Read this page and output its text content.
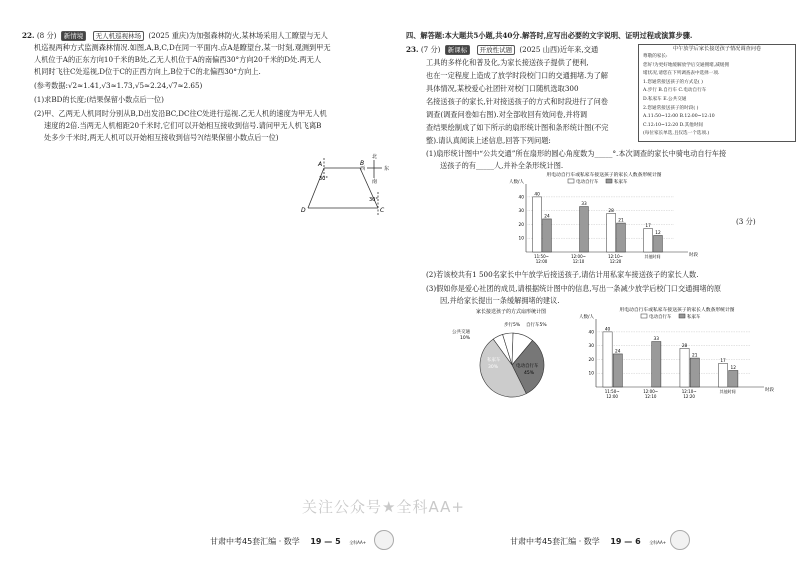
22. (8 分) 新情境 无人机巡视林场 (2025 重庆)为加强森林防火,某林场采用人工瞭望与无人
机巡视两种方式监测森林情况.如图,A,B,C,D在同一平面内.点A是瞭望台,某一时刻,观测到甲无
人机位于A的正东方向10千米的B处,乙无人机位于A的南偏西30°方向20千米的D处.两无人
机同时飞往C处巡视,D位于C的正西方向上,B位于C的北偏西30°方向上.
(参考数据:√2≈1.41,√3≈1.73,√5≈2.24,√7≈2.65)
(1)求BD的长度;(结果保留小数点后一位)
(2)甲、乙两无人机同时分别从B,D出发沿BC,DC往C处进行巡视.乙无人机的速度为甲无人机
速度的2倍.当两无人机相距20千米时,它们可以开始相互接收到信号.请问甲无人机飞离B
处多少千米时,两无人机可以开始相互接收到信号?(结果保留小数点后一位)
北
东
南
西
A	B
C
D
30°
30°
甘肃中考45套汇编 · 数学 19 — 5 全科AA+
四、解答题:本大题共5小题,共40分.解答时,应写出必要的文字说明、证明过程或演算步骤.
23. (7 分) 新课标 开放性试题 (2025 山西)近年来,交通
工具的多样化和普及化,为家长接送孩子提供了便利,
也在一定程度上造成了放学时段校门口的交通拥堵.为了解
具体情况,某校爱心社团针对校门口随机选取300
名接送孩子的家长,针对接送孩子的方式和时段进行了问卷
调查(调查问卷如右图).对全部收回有效问卷,并将调
查结果绘制成了如下所示的扇形统计图和条形统计图(不完
整).请认真阅读上述信息,回答下列问题:
(1)扇形统计图中“公共交通”所在扇形的圆心角度数为_____°.本次调查的家长中骑电动自行车接
送孩子的有_____人,并补全条形统计图.
中午放学后家长接送孩子情况调查问卷
尊敬的家长:
您好!为更好地缓解放学后交通拥堵,减缓拥
堵状况,请您在下列调查表中选择一项.
1.您通常接送孩子的方式是( )
A.步行 B.自行车 C.电动自行车
D.私家车 E.公共交通
2.您通常接送孩子的时段( )
A.11:50~12:00 B.12:00~12:10
C.12:10~12:20 D.其他时间
(每位家长单选,且仅选一个选项.)
用电动自行车或私家车接送孩子的家长人数条形统计图
电动自行车	私家车
人数/人
时段
10
20
30
40
40
24
11:50~
12:00
33
12:00~
12:10
28
21
12:10~
12:20
17
12
其他时间
(3 分)
(2)若该校共有1 500名家长中午放学后接送孩子,请估计用私家车接送孩子的家长人数.
(3)假如你是爱心社团的成员,请根据统计图中的信息,写出一条减少放学后校门口交通拥堵的原
因,并给家长提出一条缓解拥堵的建议.
家长接送孩子的方式扇形统计图
步行5% 自行车5%
公共交通
10%
私家车
30%	电动自行车
45%
用电动自行车或私家车接送孩子的家长人数条形统计图
电动自行车	私家车
人数/人
时段
10
20
30
40
40
24
11:50~
12:00
33
12:00~
12:10
28
21
12:10~
12:20
17
12
其他时间
甘肃中考45套汇编 · 数学 19 — 6 全科AA+
关注公众号★全科AA+
